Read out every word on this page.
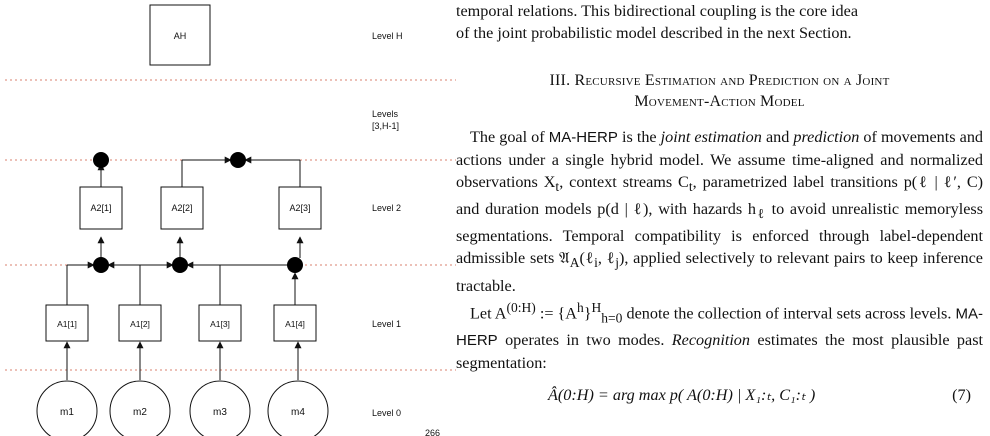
AH
A2[1]	A2[2]	A2[3]
A1[1]	A1[2]	A1[3]	A1[4]
m1	m2	m3	m4
Level H
Levels
[3,H-1]
Level 2
Level 1
Level 0
266

temporal relations. This bidirectional coupling is the core idea
of the joint probabilistic model described in the next Section.

III. Recursive Estimation and Prediction on a Joint
Movement-Action Model

The goal of MA-HERP is the joint estimation and prediction of movements and actions under a single hybrid model. We assume time-aligned and normalized observations $X_t$, context streams $C_t$, parametrized label transitions p(ℓ | ℓ′, C) and duration models p(d | ℓ), with hazards $h_\ell$ to avoid unrealistic memoryless segmentations. Temporal compatibility is enforced through label-dependent admissible sets 𝔄$_A$(ℓ$_i$, ℓ$_j$), applied selectively to relevant pairs to keep inference tractable.

Let $A^{(0:H)}$ := $\{A^h\}^H_{h=0}$ denote the collection of interval sets across levels. MA-HERP operates in two modes. Recognition estimates the most plausible past segmentation:

Â(0:H) = arg max p( A(0:H) | X₁:ₜ, C₁:ₜ )	(7)
